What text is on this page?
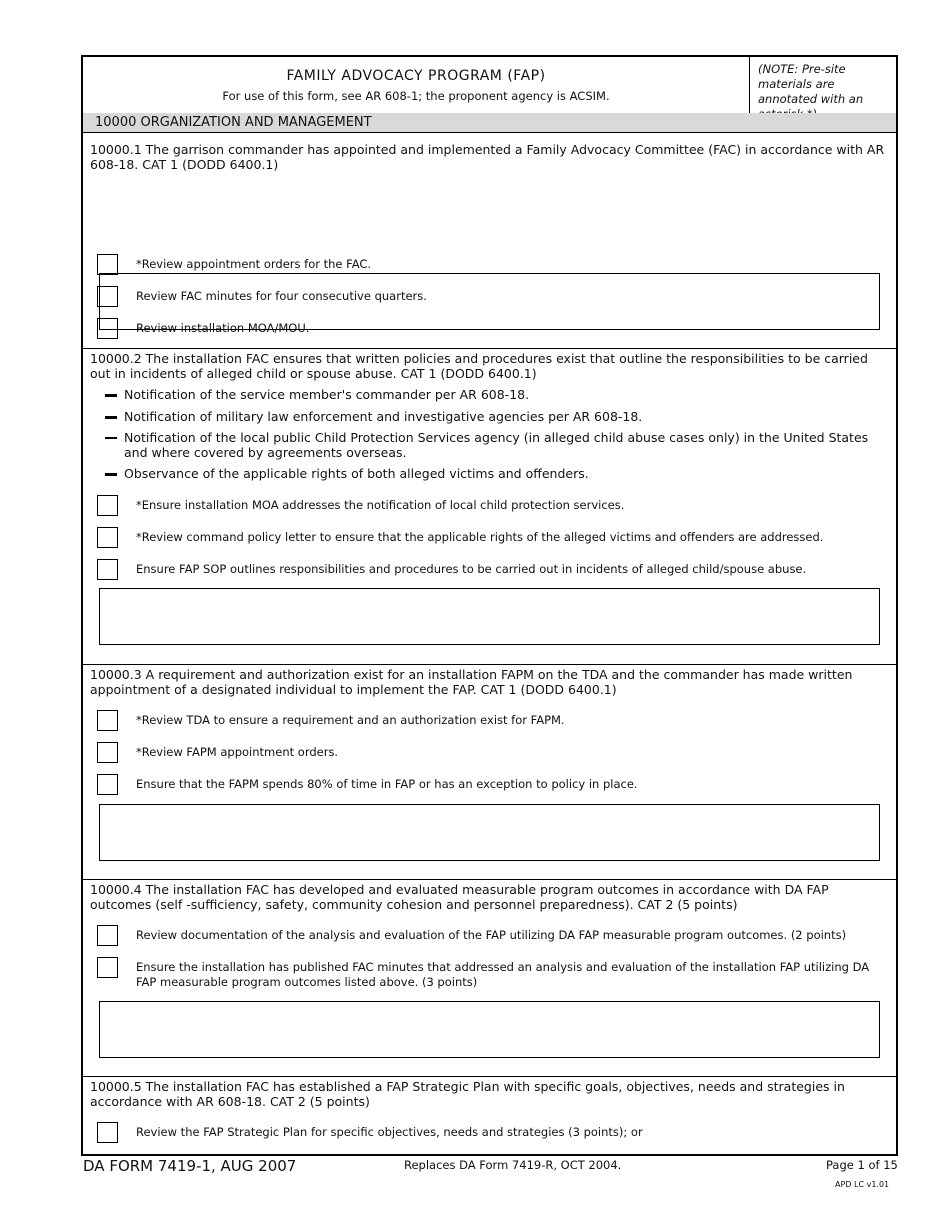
FAMILY ADVOCACY PROGRAM (FAP)
For use of this form, see AR 608-1; the proponent agency is ACSIM.
(NOTE: Pre-site materials are annotated with an
10000 ORGANIZATION AND MANAGEMENT
10000.1 The garrison commander has appointed and implemented a Family Advocacy Committee (FAC) in accordance with AR 608-18. CAT 1 (DODD 6400.1)
*Review appointment orders for the FAC.
Review FAC minutes for four consecutive quarters.
Review installation MOA/MOU.
10000.2 The installation FAC ensures that written policies and procedures exist that outline the responsibilities to be carried out in incidents of alleged child or spouse abuse. CAT 1 (DODD 6400.1)
Notification of the service member's commander per AR 608-18.
Notification of military law enforcement and investigative agencies per AR 608-18.
Notification of the local public Child Protection Services agency (in alleged child abuse cases only) in the United States and where covered by agreements overseas.
Observance of the applicable rights of both alleged victims and offenders.
*Ensure installation MOA addresses the notification of local child protection services.
*Review command policy letter to ensure that the applicable rights of the alleged victims and offenders are addressed.
Ensure FAP SOP outlines responsibilities and procedures to be carried out in incidents of alleged child/spouse abuse.
10000.3 A requirement and authorization exist for an installation FAPM on the TDA and the commander has made written appointment of a designated individual to implement the FAP. CAT 1 (DODD 6400.1)
*Review TDA to ensure a requirement and an authorization exist for FAPM.
*Review FAPM appointment orders.
Ensure that the FAPM spends 80% of time in FAP or has an exception to policy in place.
10000.4 The installation FAC has developed and evaluated measurable program outcomes in accordance with DA FAP outcomes (self -sufficiency, safety, community cohesion and personnel preparedness). CAT 2 (5 points)
Review documentation of the analysis and evaluation of the FAP utilizing DA FAP measurable program outcomes. (2 points)
Ensure the installation has published FAC minutes that addressed an analysis and evaluation of the installation FAP utilizing DA FAP measurable program outcomes listed above. (3 points)
10000.5 The installation FAC has established a FAP Strategic Plan with specific goals, objectives, needs and strategies in accordance with AR 608-18. CAT 2 (5 points)
Review the FAP Strategic Plan for specific objectives, needs and strategies (3 points); or
DA FORM 7419-1, AUG 2007	Replaces DA Form 7419-R, OCT 2004.	Page 1 of 15
APD LC v1.01
